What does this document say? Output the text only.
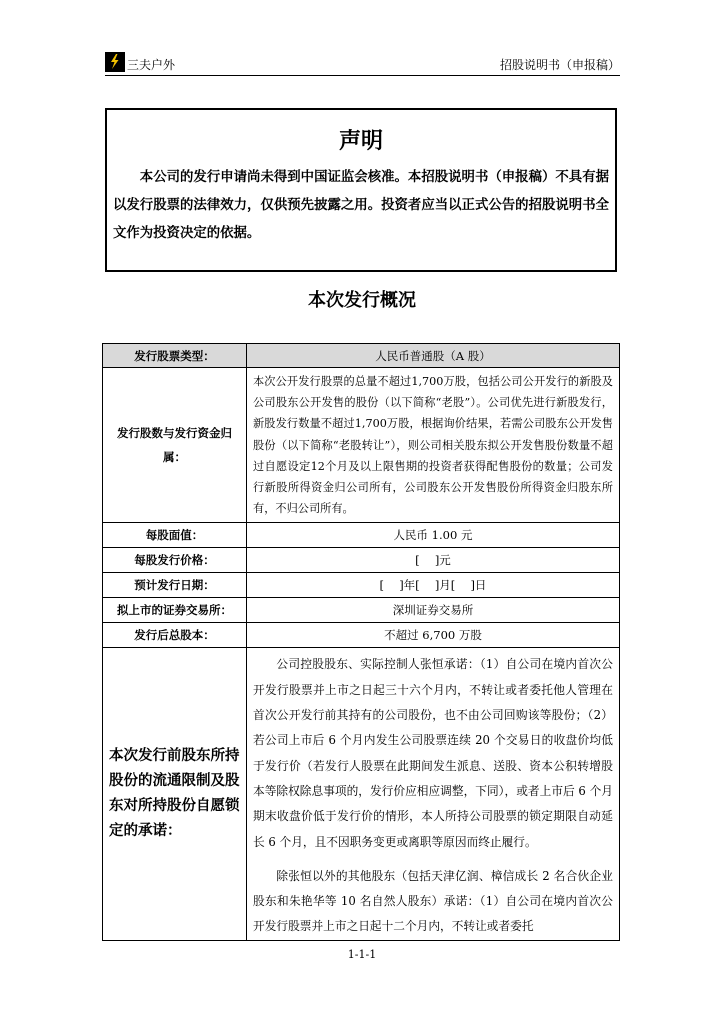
三夫户外	招股说明书（申报稿）
声明
本公司的发行申请尚未得到中国证监会核准。本招股说明书（申报稿）不具有据以发行股票的法律效力，仅供预先披露之用。投资者应当以正式公告的招股说明书全文作为投资决定的依据。
本次发行概况
发行股票类型：	人民币普通股（A 股）
发行股数与发行资金归属：	本次公开发行股票的总量不超过1,700万股，包括公司公开发行的新股及公司股东公开发售的股份（以下简称“老股”）。公司优先进行新股发行，新股发行数量不超过1,700万股，根据询价结果，若需公司股东公开发售股份（以下简称“老股转让”），则公司相关股东拟公开发售股份数量不超过自愿设定12个月及以上限售期的投资者获得配售股份的数量；公司发行新股所得资金归公司所有，公司股东公开发售股份所得资金归股东所有，不归公司所有。
每股面值：	人民币 1.00 元
每股发行价格：	[　 ]元
预计发行日期：	[　 ]年[　 ]月[　 ]日
拟上市的证券交易所：	深圳证券交易所
发行后总股本：	不超过 6,700 万股
本次发行前股东所持股份的流通限制及股东对所持股份自愿锁定的承诺：	公司控股股东、实际控制人张恒承诺：（1）自公司在境内首次公开发行股票并上市之日起三十六个月内，不转让或者委托他人管理在首次公开发行前其持有的公司股份，也不由公司回购该等股份；（2）若公司上市后 6 个月内发生公司股票连续 20 个交易日的收盘价均低于发行价（若发行人股票在此期间发生派息、送股、资本公积转增股本等除权除息事项的，发行价应相应调整，下同），或者上市后 6 个月期末收盘价低于发行价的情形，本人所持公司股票的锁定期限自动延长 6 个月，且不因职务变更或离职等原因而终止履行。

除张恒以外的其他股东（包括天津亿润、樟信成长 2 名合伙企业股东和朱艳华等 10 名自然人股东）承诺：（1）自公司在境内首次公开发行股票并上市之日起十二个月内，不转让或者委托

1-1-1
